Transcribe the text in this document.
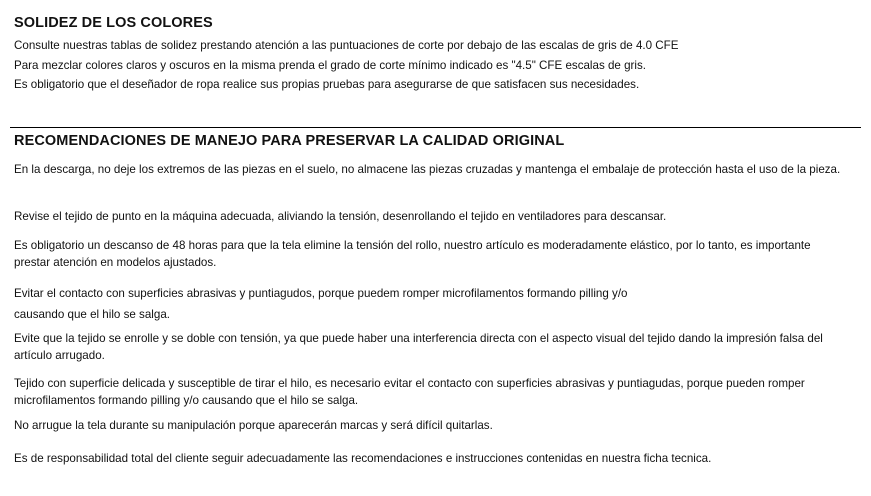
SOLIDEZ DE LOS COLORES

Consulte nuestras tablas de solidez prestando atención a las puntuaciones de corte por debajo de las escalas de gris de 4.0 CFE

Para mezclar colores claros y oscuros en la misma prenda el grado de corte mínimo indicado es "4.5" CFE escalas de gris.

Es obligatorio que el deseñador de ropa realice sus propias pruebas para asegurarse de que satisfacen sus necesidades.

RECOMENDACIONES DE MANEJO PARA PRESERVAR LA CALIDAD ORIGINAL

En la descarga, no deje los extremos de las piezas en el suelo, no almacene las piezas cruzadas y mantenga el embalaje de protección hasta el uso de la pieza.

Revise el tejido de punto en la máquina adecuada, aliviando la tensión, desenrollando el tejido en ventiladores para descansar.

Es obligatorio un descanso de 48 horas para que la tela elimine la tensión del rollo, nuestro artículo es moderadamente elástico, por lo tanto, es importante prestar atención en modelos ajustados.

Evitar el contacto con superficies abrasivas y puntiagudos, porque puedem romper microfilamentos formando pilling y/o

causando que el hilo se salga.

Evite que la tejido se enrolle y se doble con tensión, ya que puede haber una interferencia directa con el aspecto visual del tejido dando la impresión falsa del artículo arrugado.

Tejido con superficie delicada y susceptible de tirar el hilo, es necesario evitar el contacto con superficies abrasivas y puntiagudas, porque pueden romper microfilamentos formando pilling y/o causando que el hilo se salga.

No arrugue la tela durante su manipulación porque aparecerán marcas y será difícil quitarlas.

Es de responsabilidad total del cliente seguir adecuadamente las recomendaciones e instrucciones contenidas en nuestra ficha tecnica.
